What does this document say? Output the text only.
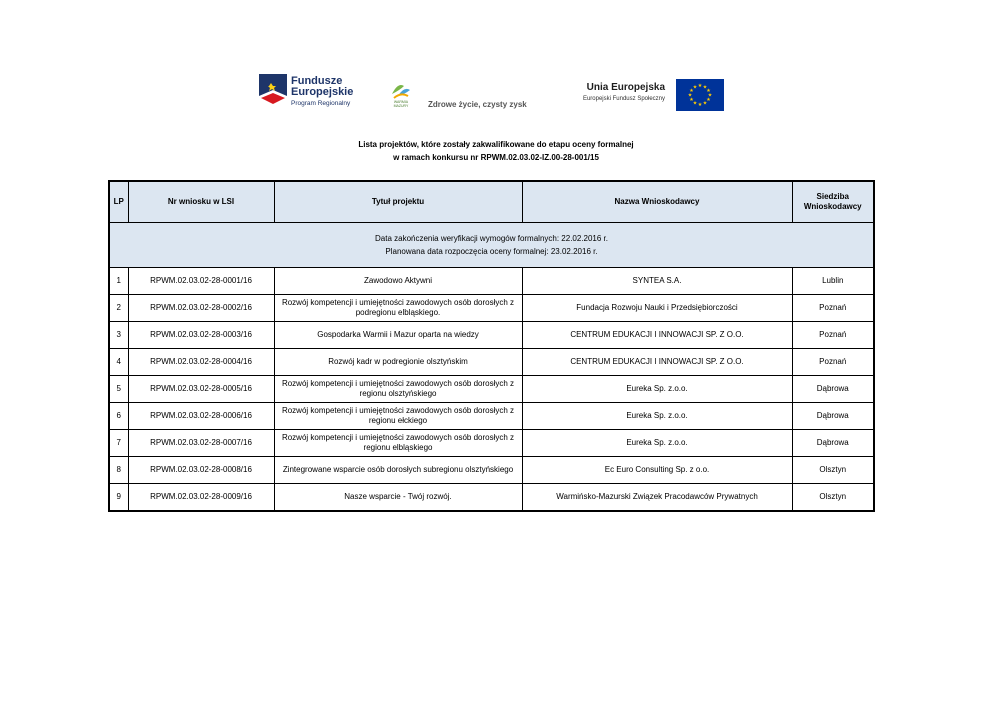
Fundusze
Europejskie
Program Regionalny	WARMIA
MAZURY	Zdrowe życie, czysty zysk
Unia Europejska
Europejski Fundusz Społeczny
★ ★
★
★
★
★
★
★
★
★
★
★
Lista projektów, które zostały zakwalifikowane do etapu oceny formalnej
w ramach konkursu nr RPWM.02.03.02-IZ.00-28-001/15
LP	Nr wniosku w LSI	Tytuł projektu	Nazwa Wnioskodawcy	Siedziba Wnioskodawcy

Data zakończenia weryfikacji wymogów formalnych: 22.02.2016 r.
Planowana data rozpoczęcia oceny formalnej: 23.02.2016 r.				

1	RPWM.02.03.02-28-0001/16	Zawodowo Aktywni	SYNTEA S.A.	Lublin
2	RPWM.02.03.02-28-0002/16	Rozwój kompetencji i umiejętności zawodowych osób dorosłych z podregionu elbląskiego.	Fundacja Rozwoju Nauki i Przedsiębiorczości	Poznań
3	RPWM.02.03.02-28-0003/16	Gospodarka Warmii i Mazur oparta na wiedzy	CENTRUM EDUKACJI I INNOWACJI SP. Z O.O.	Poznań
4	RPWM.02.03.02-28-0004/16	Rozwój kadr w podregionie olsztyńskim	CENTRUM EDUKACJI I INNOWACJI SP. Z O.O.	Poznań
5	RPWM.02.03.02-28-0005/16	Rozwój kompetencji i umiejętności zawodowych osób dorosłych z regionu olsztyńskiego	Eureka Sp. z.o.o.	Dąbrowa
6	RPWM.02.03.02-28-0006/16	Rozwój kompetencji i umiejętności zawodowych osób dorosłych z regionu ełckiego	Eureka Sp. z.o.o.	Dąbrowa
7	RPWM.02.03.02-28-0007/16	Rozwój kompetencji i umiejętności zawodowych osób dorosłych z regionu elbląskiego	Eureka Sp. z.o.o.	Dąbrowa
8	RPWM.02.03.02-28-0008/16	Zintegrowane wsparcie osób dorosłych subregionu olsztyńskiego	Ec Euro Consulting Sp. z o.o.	Olsztyn
9	RPWM.02.03.02-28-0009/16	Nasze wsparcie - Twój rozwój.	Warmińsko-Mazurski Związek Pracodawców Prywatnych	Olsztyn
